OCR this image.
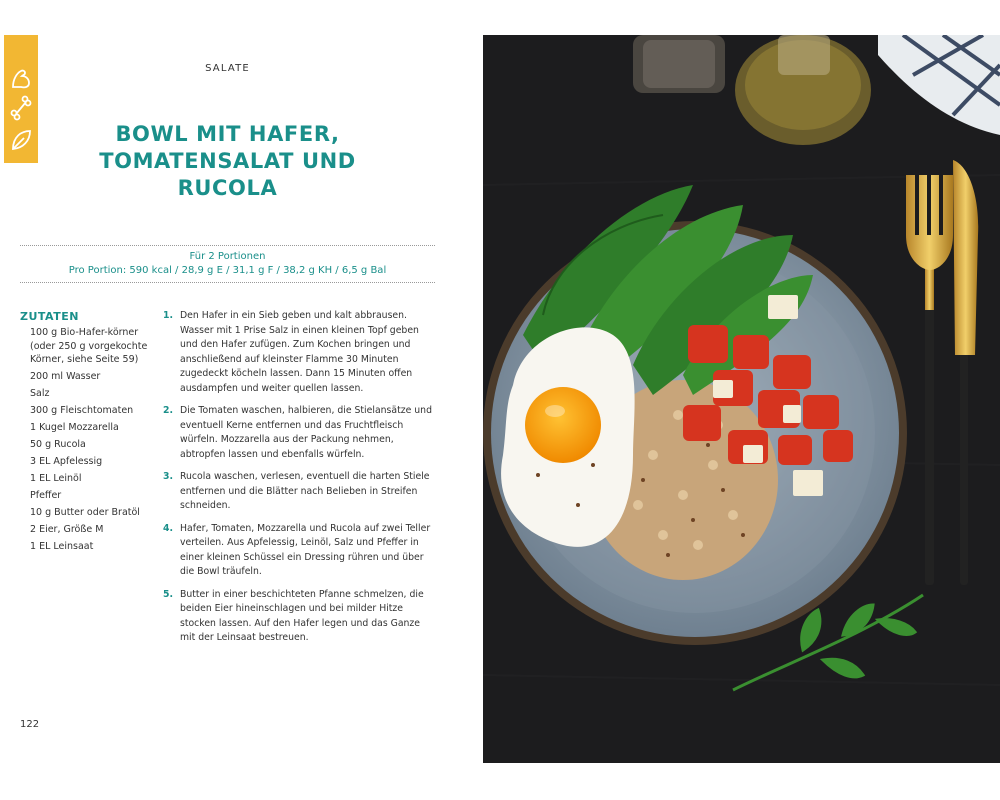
SALATE
BOWL MIT HAFER,
TOMATENSALAT UND
RUCOLA
Für 2 Portionen
Pro Portion: 590 kcal / 28,9 g E / 31,1 g F / 38,2 g KH / 6,5 g Bal
ZUTATEN
100 g Bio-Hafer-körner (oder 250 g vorgekochte Körner, siehe Seite 59)
200 ml Wasser
Salz
300 g Fleischtomaten
1 Kugel Mozzarella
50 g Rucola
3 EL Apfelessig
1 EL Leinöl
Pfeffer
10 g Butter oder Bratöl
2 Eier, Größe M
1 EL Leinsaat
1. Den Hafer in ein Sieb geben und kalt abbrausen. Wasser mit 1 Prise Salz in einen kleinen Topf geben und den Hafer zufügen. Zum Kochen bringen und anschließend auf kleinster Flamme 30 Minuten zugedeckt köcheln lassen. Dann 15 Minuten offen ausdampfen und weiter quellen lassen.
2. Die Tomaten waschen, halbieren, die Stielansätze und eventuell Kerne entfernen und das Fruchtfleisch würfeln. Mozzarella aus der Packung nehmen, abtropfen lassen und ebenfalls würfeln.
3. Rucola waschen, verlesen, eventuell die harten Stiele entfernen und die Blätter nach Belieben in Streifen schneiden.
4. Hafer, Tomaten, Mozzarella und Rucola auf zwei Teller verteilen. Aus Apfelessig, Leinöl, Salz und Pfeffer in einer kleinen Schüssel ein Dressing rühren und über die Bowl träufeln.
5. Butter in einer beschichteten Pfanne schmelzen, die beiden Eier hineinschlagen und bei milder Hitze stocken lassen. Auf den Hafer legen und das Ganze mit der Leinsaat bestreuen.
122
